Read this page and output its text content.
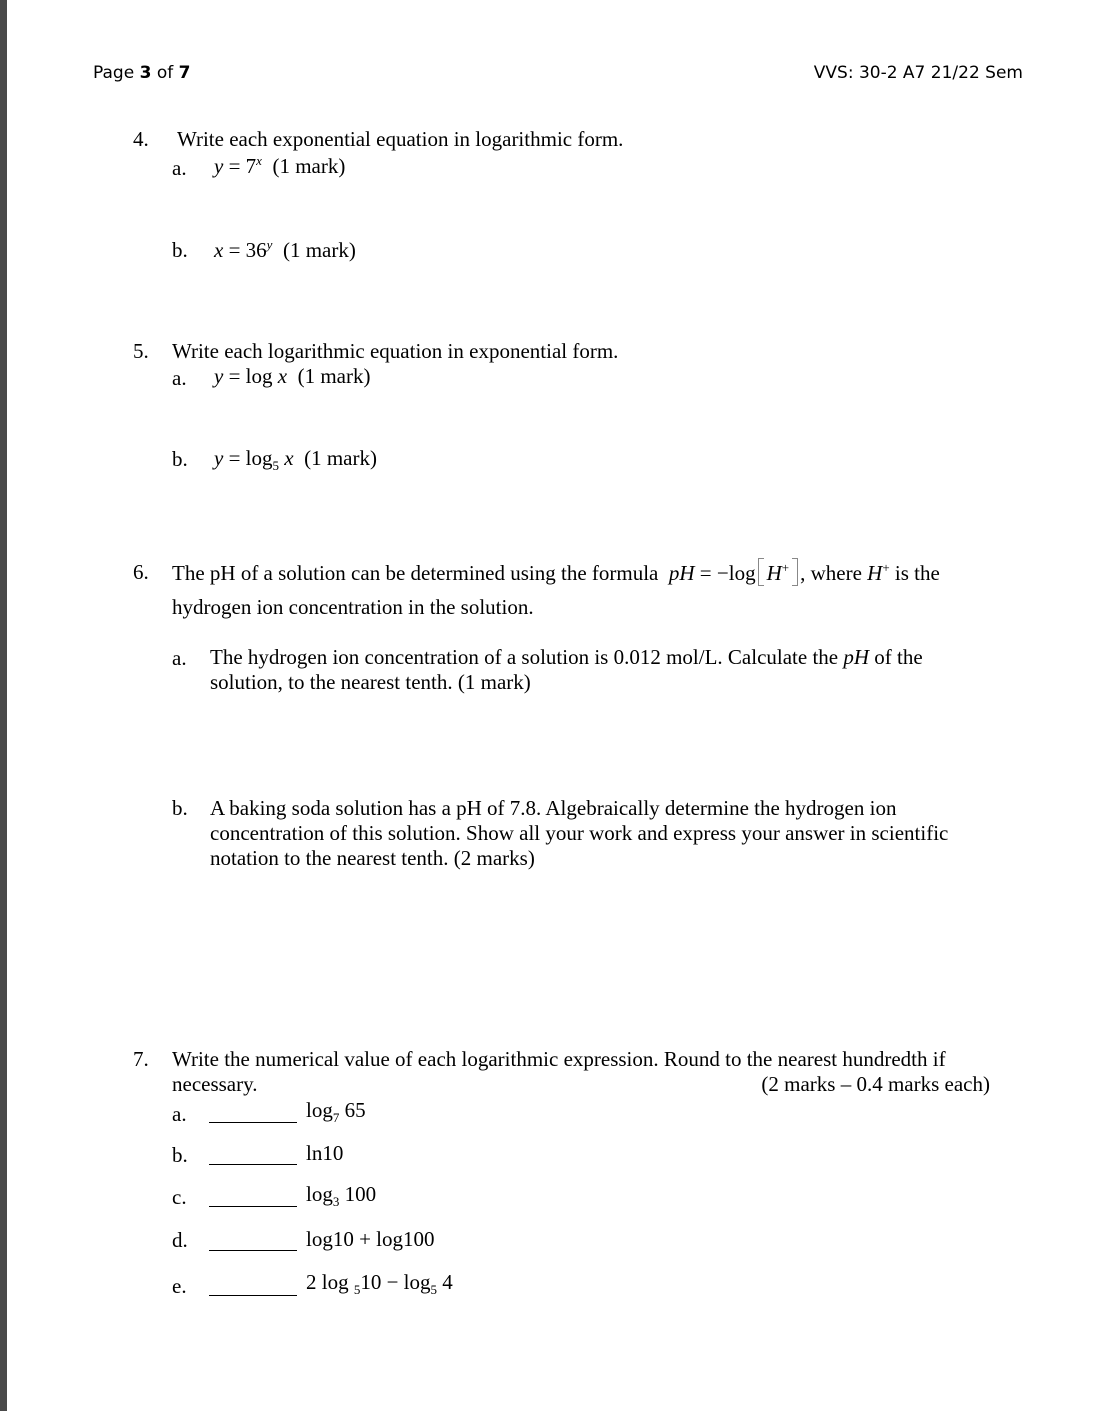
Page 3 of 7	VVS: 30-2 A7 21/22 Sem
4. Write each exponential equation in logarithmic form.
a. $y = 7^x$ (1 mark)
b. $x = 36^y$ (1 mark)
5. Write each logarithmic equation in exponential form.
a. y = log x (1 mark)
b. $y = \log_5 x$ (1 mark)
6. The pH of a solution can be determined using the formula pH = −log H+ , where H+ is the
hydrogen ion concentration in the solution.
a. The hydrogen ion concentration of a solution is 0.012 mol/L. Calculate the pH of the
solution, to the nearest tenth. (1 mark)
b. A baking soda solution has a pH of 7.8. Algebraically determine the hydrogen ion
concentration of this solution. Show all your work and express your answer in scientific
notation to the nearest tenth. (2 marks)
7. Write the numerical value of each logarithmic expression. Round to the nearest hundredth if
necessary.	(2 marks – 0.4 marks each)
a.	$\log_7 65$
b.	ln10
c.	$\log_3 100$
d.	log10 + log100
e.	2 $\log _510 - \log_5 4$
